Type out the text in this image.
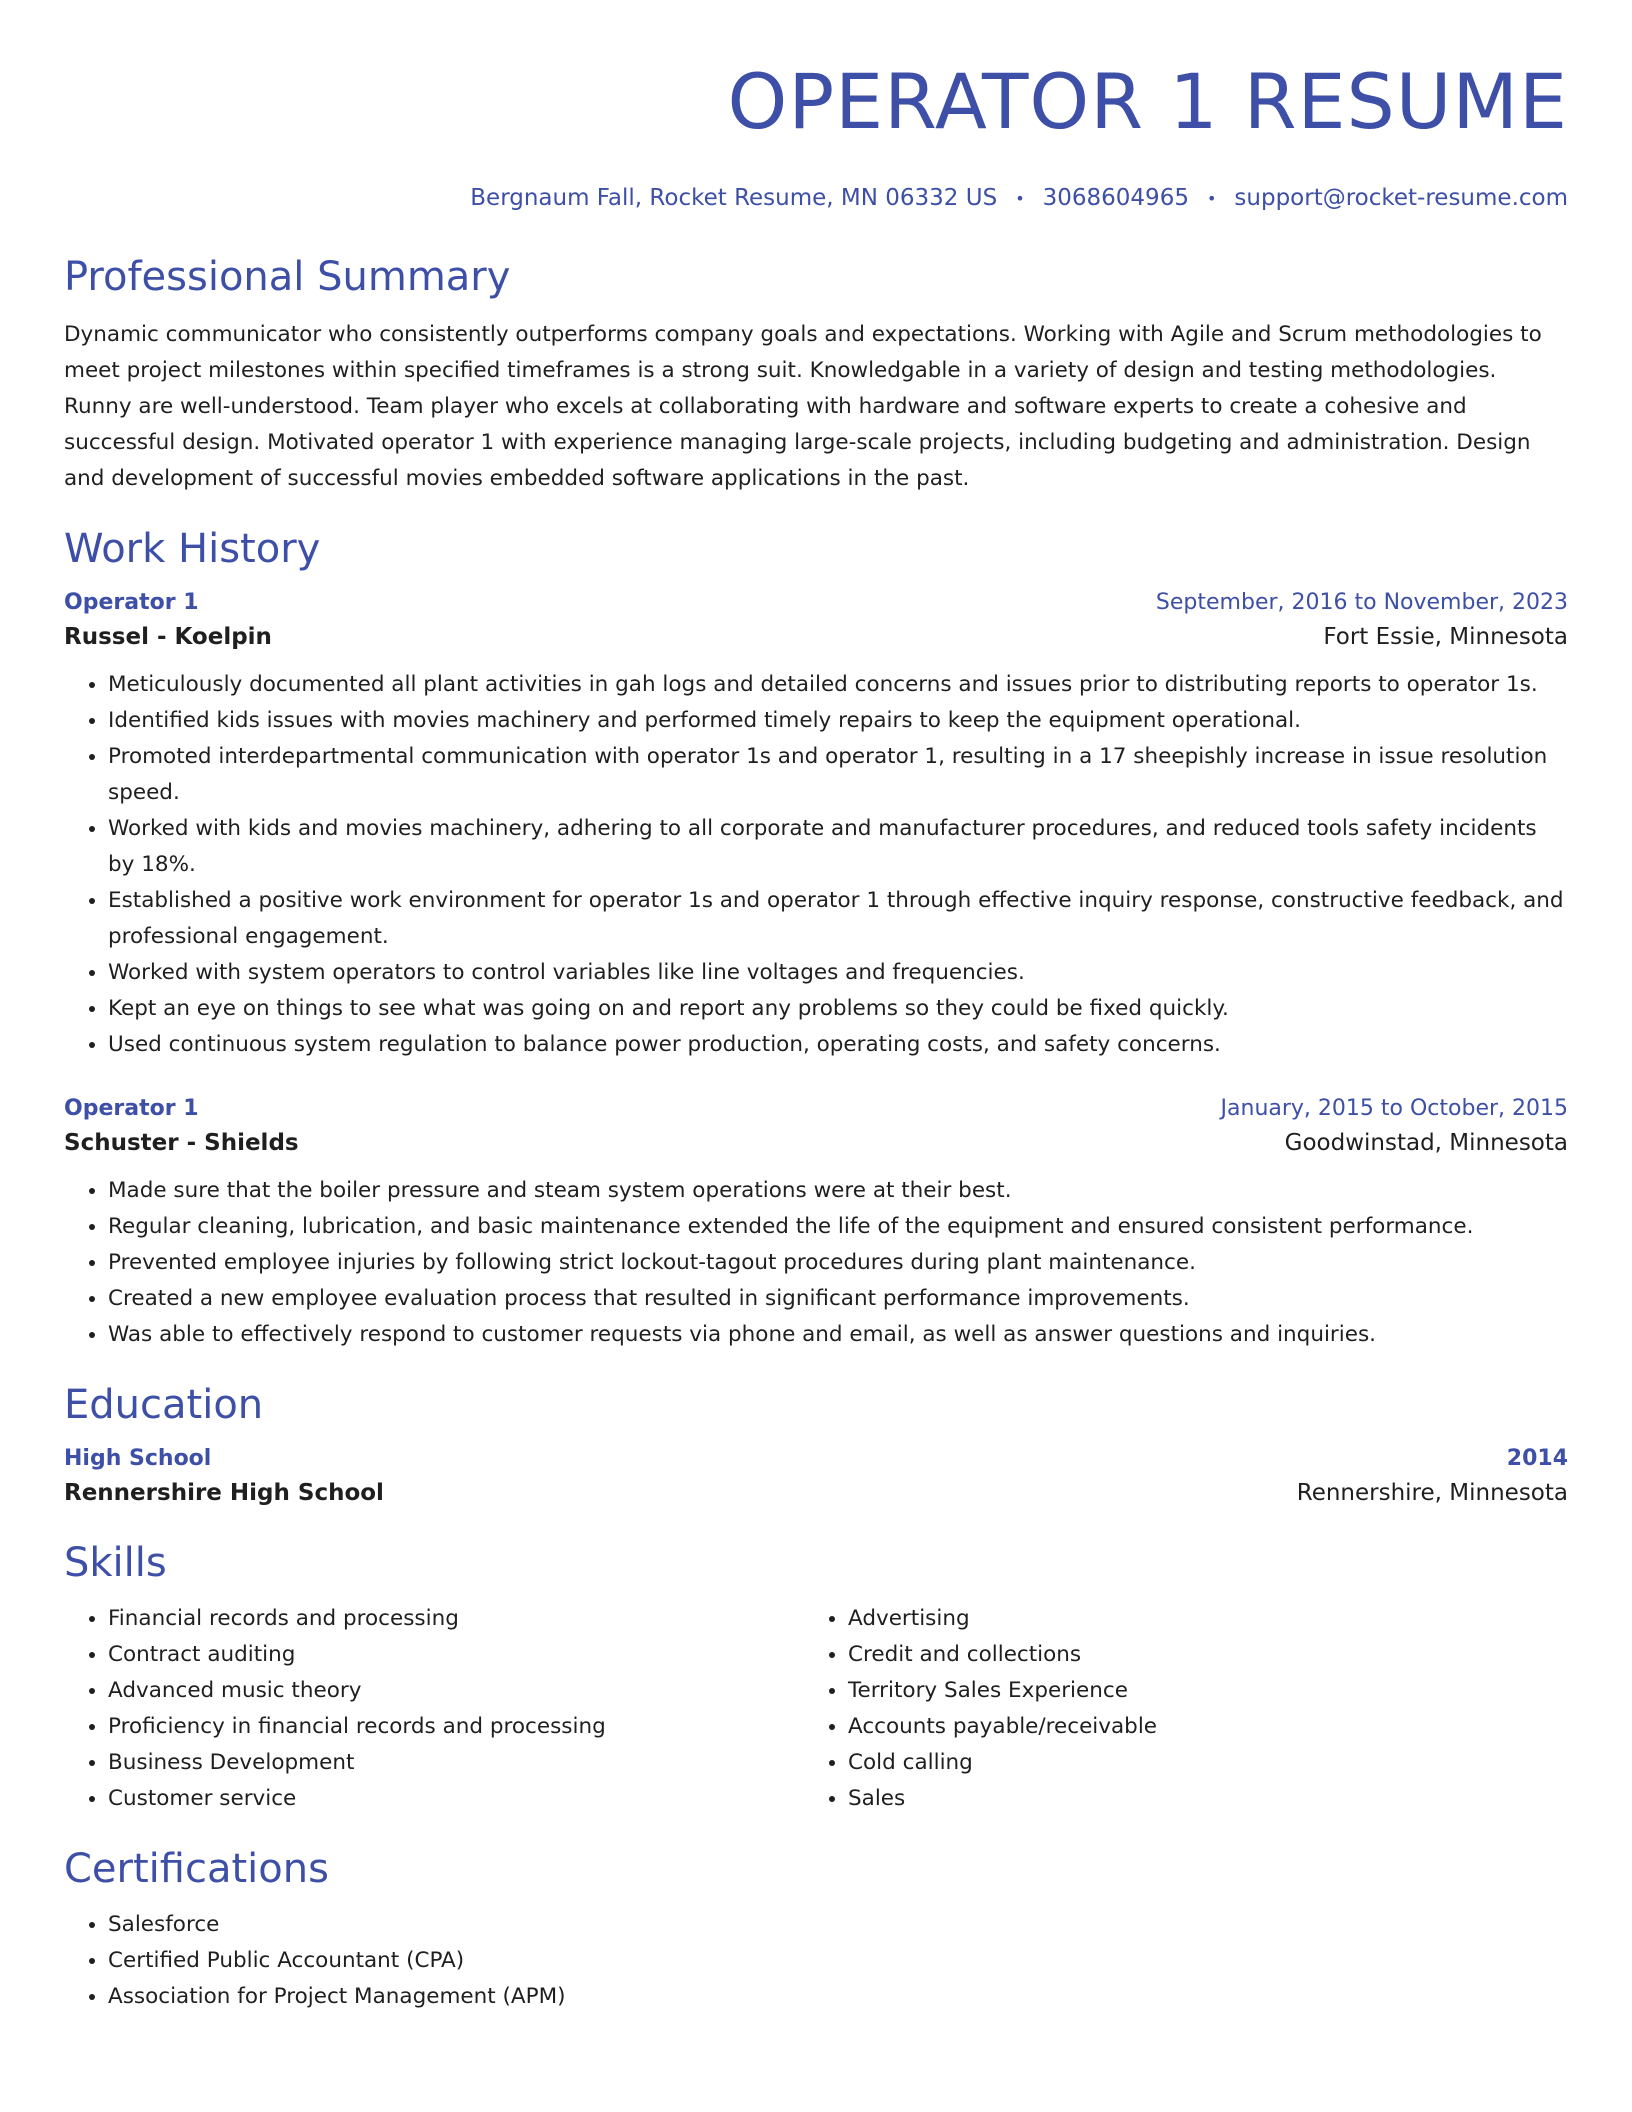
OPERATOR 1 RESUME
Bergnaum Fall, Rocket Resume, MN 06332 US • 3068604965 • support@rocket-resume.com
Professional Summary

Dynamic communicator who consistently outperforms company goals and expectations. Working with Agile and Scrum methodologies to meet project milestones within specified timeframes is a strong suit. Knowledgable in a variety of design and testing methodologies. Runny are well-understood. Team player who excels at collaborating with hardware and software experts to create a cohesive and successful design. Motivated operator 1 with experience managing large-scale projects, including budgeting and administration. Design and development of successful movies embedded software applications in the past.

Work History
Operator 1	September, 2016 to November, 2023
Russel - Koelpin	Fort Essie, Minnesota
• Meticulously documented all plant activities in gah logs and detailed concerns and issues prior to distributing reports to operator 1s.
• Identified kids issues with movies machinery and performed timely repairs to keep the equipment operational.
• Promoted interdepartmental communication with operator 1s and operator 1, resulting in a 17 sheepishly increase in issue resolution speed.
• Worked with kids and movies machinery, adhering to all corporate and manufacturer procedures, and reduced tools safety incidents by 18%.
• Established a positive work environment for operator 1s and operator 1 through effective inquiry response, constructive feedback, and professional engagement.
• Worked with system operators to control variables like line voltages and frequencies.
• Kept an eye on things to see what was going on and report any problems so they could be fixed quickly.
• Used continuous system regulation to balance power production, operating costs, and safety concerns.
Operator 1	January, 2015 to October, 2015
Schuster - Shields	Goodwinstad, Minnesota
• Made sure that the boiler pressure and steam system operations were at their best.
• Regular cleaning, lubrication, and basic maintenance extended the life of the equipment and ensured consistent performance.
• Prevented employee injuries by following strict lockout-tagout procedures during plant maintenance.
• Created a new employee evaluation process that resulted in significant performance improvements.
• Was able to effectively respond to customer requests via phone and email, as well as answer questions and inquiries.
Education
High School	2014
Rennershire High School	Rennershire, Minnesota
Skills
• Financial records and processing
• Contract auditing
• Advanced music theory
• Proficiency in financial records and processing
• Business Development
• Customer service
• Advertising
• Credit and collections
• Territory Sales Experience
• Accounts payable/receivable
• Cold calling
• Sales
Certifications
• Salesforce
• Certified Public Accountant (CPA)
• Association for Project Management (APM)
